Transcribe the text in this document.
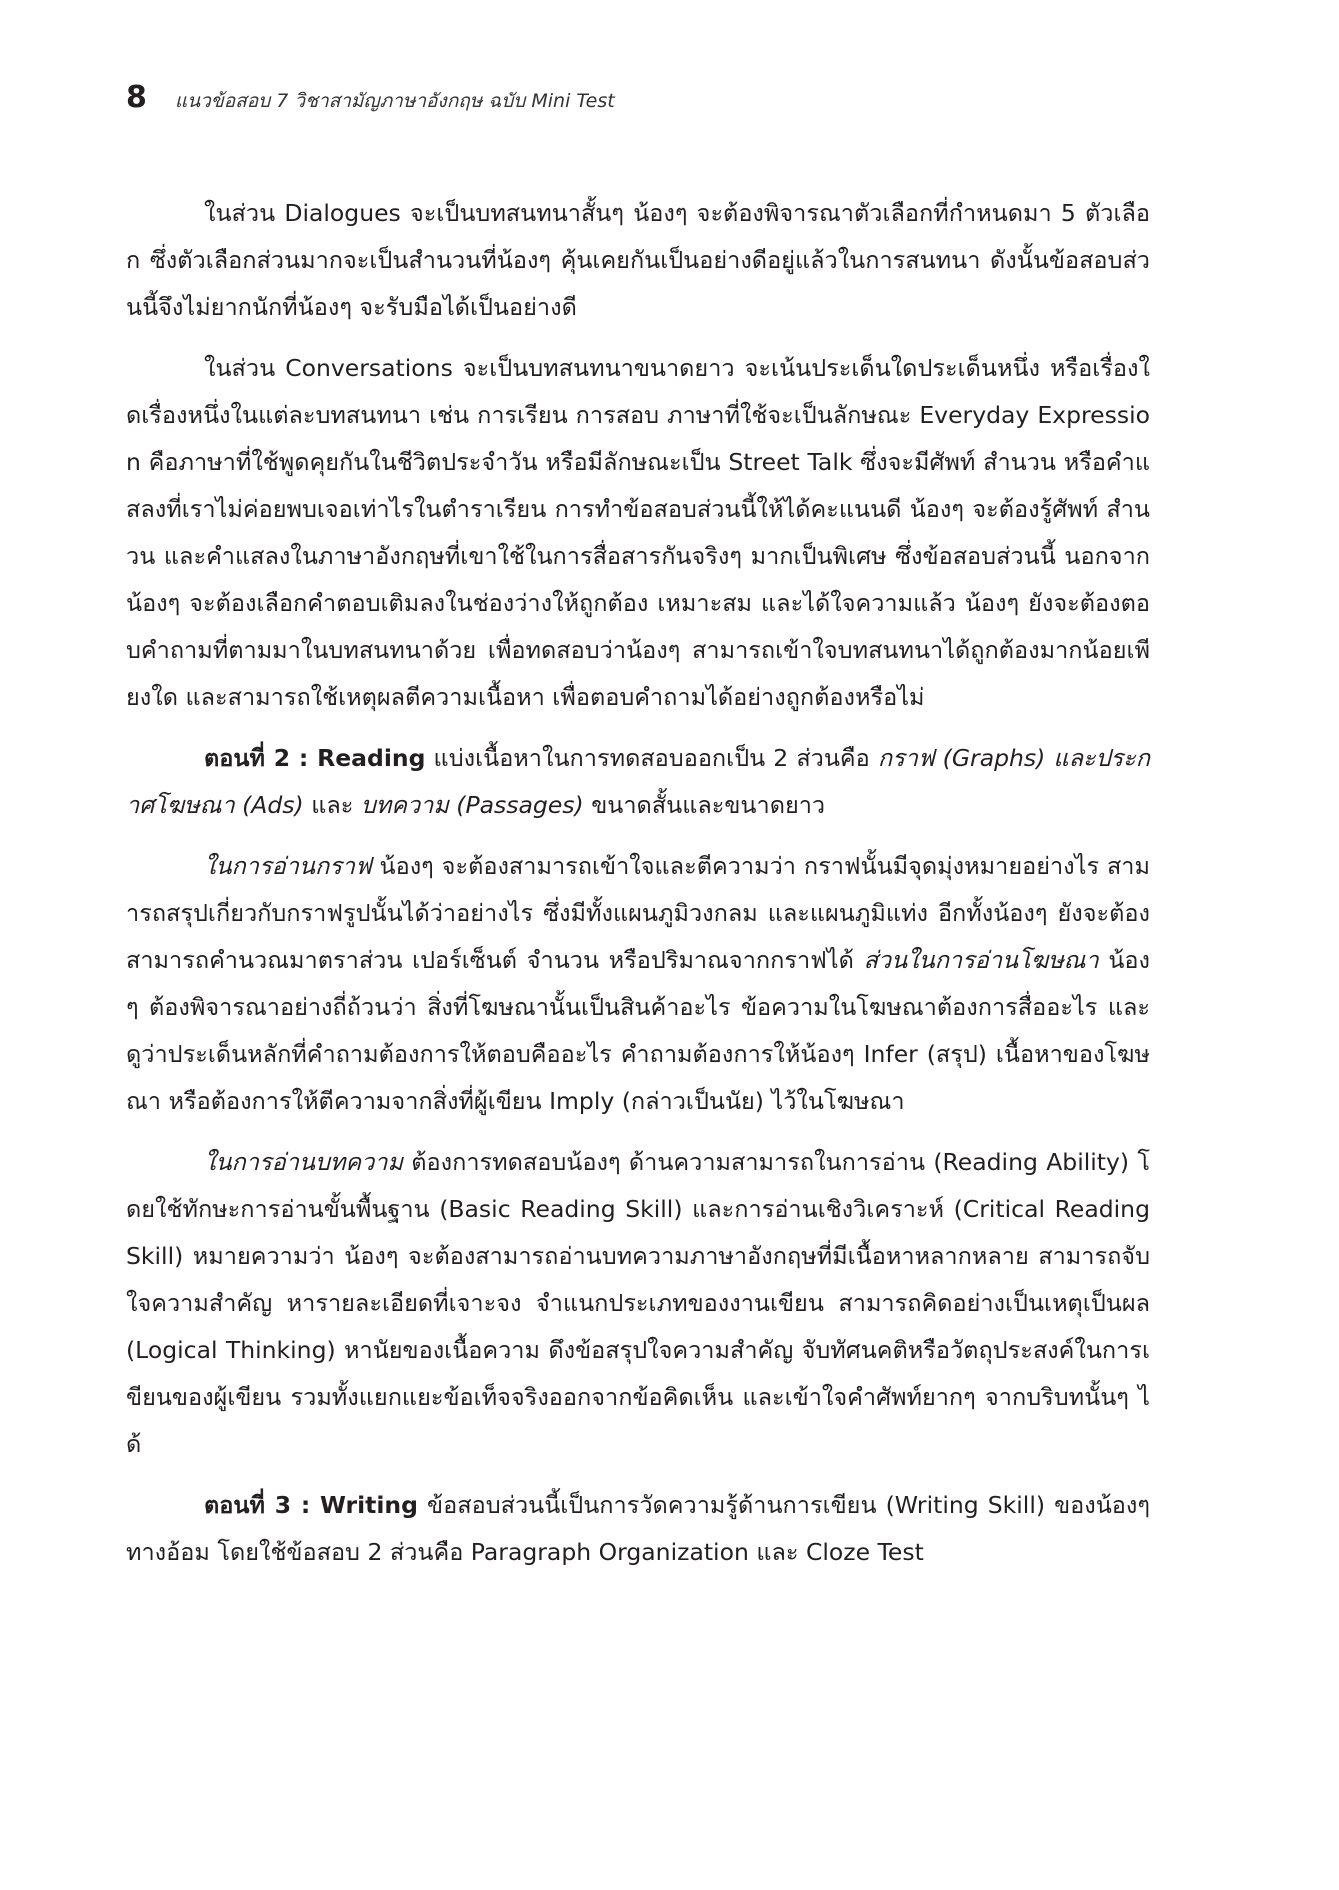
8 แนวข้อสอบ 7 วิชาสามัญภาษาอังกฤษ ฉบับ Mini Test

ในส่วน Dialogues จะเป็นบทสนทนาสั้นๆ น้องๆ จะต้องพิจารณาตัวเลือกที่กำหนดมา 5 ตัวเลือก ซึ่งตัวเลือกส่วนมากจะเป็นสำนวนที่น้องๆ คุ้นเคยกันเป็นอย่างดีอยู่แล้วในการสนทนา ดังนั้นข้อสอบส่วนนี้จึงไม่ยากนักที่น้องๆ จะรับมือได้เป็นอย่างดี

ในส่วน Conversations จะเป็นบทสนทนาขนาดยาว จะเน้นประเด็นใดประเด็นหนึ่ง หรือเรื่องใดเรื่องหนึ่งในแต่ละบทสนทนา เช่น การเรียน การสอบ ภาษาที่ใช้จะเป็นลักษณะ Everyday Expression คือภาษาที่ใช้พูดคุยกันในชีวิตประจำวัน หรือมีลักษณะเป็น Street Talk ซึ่งจะมีศัพท์ สำนวน หรือคำแสลงที่เราไม่ค่อยพบเจอเท่าไรในตำราเรียน การทำข้อสอบส่วนนี้ให้ได้คะแนนดี น้องๆ จะต้องรู้ศัพท์ สำนวน และคำแสลงในภาษาอังกฤษที่เขาใช้ในการสื่อสารกันจริงๆ มากเป็นพิเศษ ซึ่งข้อสอบส่วนนี้ นอกจากน้องๆ จะต้องเลือกคำตอบเติมลงในช่องว่างให้ถูกต้อง เหมาะสม และได้ใจความแล้ว น้องๆ ยังจะต้องตอบคำถามที่ตามมาในบทสนทนาด้วย เพื่อทดสอบว่าน้องๆ สามารถเข้าใจบทสนทนาได้ถูกต้องมากน้อยเพียงใด และสามารถใช้เหตุผลตีความเนื้อหา เพื่อตอบคำถามได้อย่างถูกต้องหรือไม่

ตอนที่ 2 : Reading แบ่งเนื้อหาในการทดสอบออกเป็น 2 ส่วนคือ กราฟ (Graphs) และประกาศโฆษณา (Ads) และ บทความ (Passages) ขนาดสั้นและขนาดยาว

ในการอ่านกราฟ น้องๆ จะต้องสามารถเข้าใจและตีความว่า กราฟนั้นมีจุดมุ่งหมายอย่างไร สามารถสรุปเกี่ยวกับกราฟรูปนั้นได้ว่าอย่างไร ซึ่งมีทั้งแผนภูมิวงกลม และแผนภูมิแท่ง อีกทั้งน้องๆ ยังจะต้องสามารถคำนวณมาตราส่วน เปอร์เซ็นต์ จำนวน หรือปริมาณจากกราฟได้ ส่วนในการอ่านโฆษณา น้องๆ ต้องพิจารณาอย่างถี่ถ้วนว่า สิ่งที่โฆษณานั้นเป็นสินค้าอะไร ข้อความในโฆษณาต้องการสื่ออะไร และดูว่าประเด็นหลักที่คำถามต้องการให้ตอบคืออะไร คำถามต้องการให้น้องๆ Infer (สรุป) เนื้อหาของโฆษณา หรือต้องการให้ตีความจากสิ่งที่ผู้เขียน Imply (กล่าวเป็นนัย) ไว้ในโฆษณา

ในการอ่านบทความ ต้องการทดสอบน้องๆ ด้านความสามารถในการอ่าน (Reading Ability) โดยใช้ทักษะการอ่านขั้นพื้นฐาน (Basic Reading Skill) และการอ่านเชิงวิเคราะห์ (Critical Reading Skill) หมายความว่า น้องๆ จะต้องสามารถอ่านบทความภาษาอังกฤษที่มีเนื้อหาหลากหลาย สามารถจับใจความสำคัญ หารายละเอียดที่เจาะจง จำแนกประเภทของงานเขียน สามารถคิดอย่างเป็นเหตุเป็นผล (Logical Thinking) หานัยของเนื้อความ ดึงข้อสรุปใจความสำคัญ จับทัศนคติหรือวัตถุประสงค์ในการเขียนของผู้เขียน รวมทั้งแยกแยะข้อเท็จจริงออกจากข้อคิดเห็น และเข้าใจคำศัพท์ยากๆ จากบริบทนั้นๆ ได้

ตอนที่ 3 : Writing ข้อสอบส่วนนี้เป็นการวัดความรู้ด้านการเขียน (Writing Skill) ของน้องๆ ทางอ้อม โดยใช้ข้อสอบ 2 ส่วนคือ Paragraph Organization และ Cloze Test
